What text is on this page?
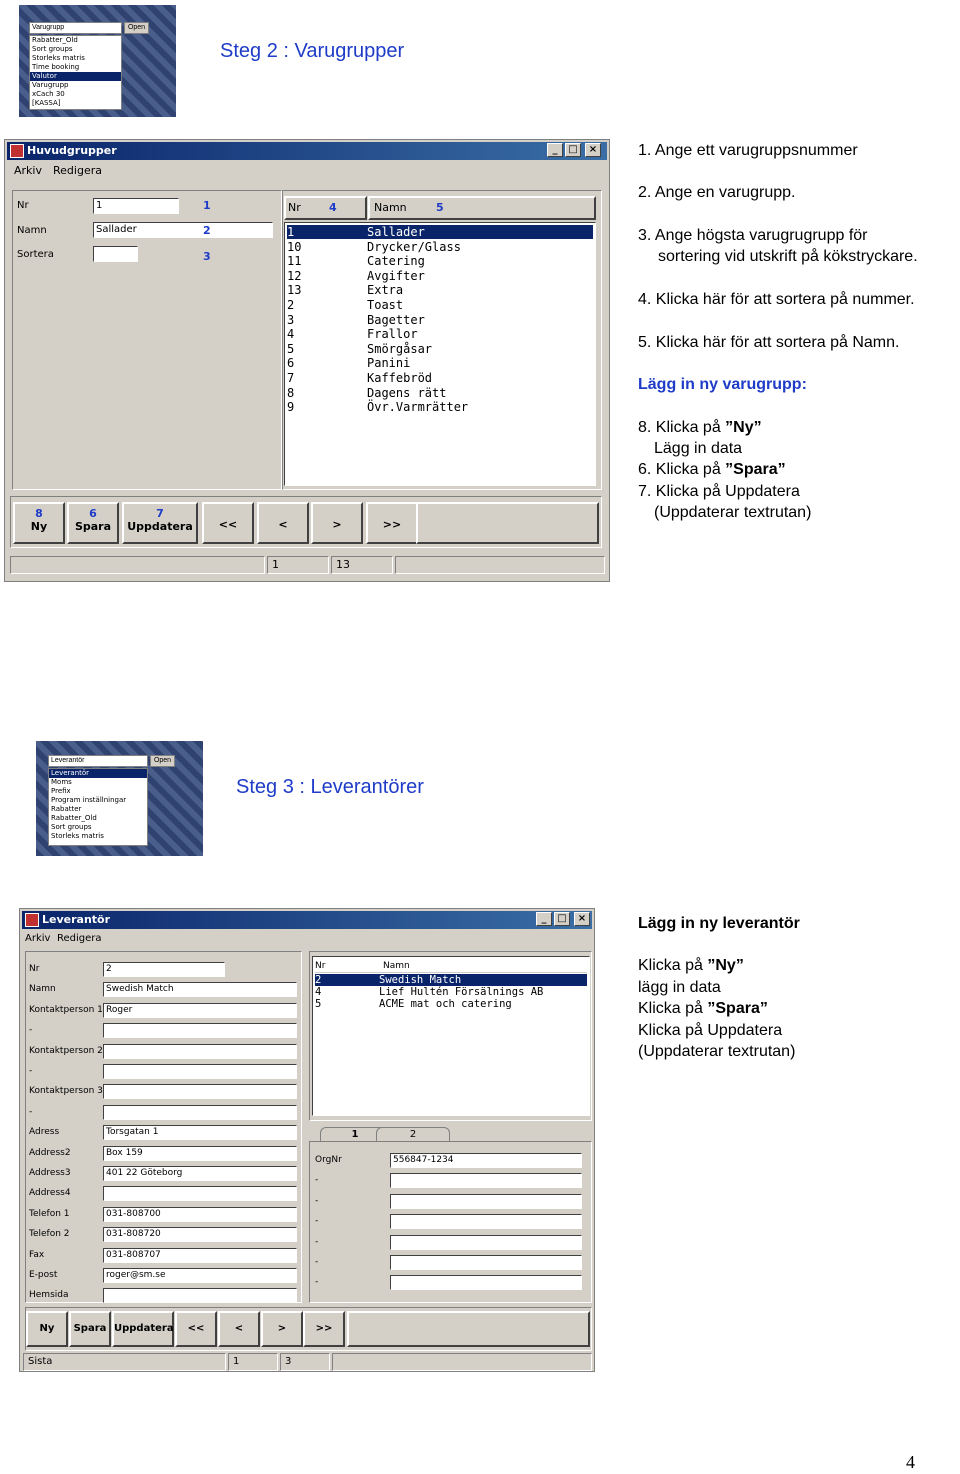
Varugrupp	Open
Rabatter_Old
Sort groups
Storleks matris
Time booking
Valutor
Varugrupp
xCach 30
[KASSA]
Steg 2 : Varugrupper
Huvudgrupper	_	□	×
Arkiv Redigera
Nr	1	1
Namn	Sallader	2
Sortera	3
Nr	4	Namn	5
1	Sallader
10	Drycker/Glass
11	Catering
12	Avgifter
13	Extra
2	Toast
3	Bagetter
4	Frallor
5	Smörgåsar
6	Panini
7	Kaffebröd
8	Dagens rätt
9	Övr.Varmrätter
1	13
8
Ny
6
Spara
7
Uppdatera	<<	<	>	>>
1. Ange ett varugruppsnummer
2. Ange en varugrupp.
3. Ange högsta varugrugrupp för
sortering vid utskrift på kökstryckare.
4. Klicka här för att sortera på nummer.
5. Klicka här för att sortera på Namn.
Lägg in ny varugrupp:
8. Klicka på ”Ny”
Lägg in data
6. Klicka på ”Spara”
7. Klicka på Uppdatera
(Uppdaterar textrutan)
Leverantör	Open
Leverantör
Moms
Prefix
Program inställningar
Rabatter
Rabatter_Old
Sort groups
Storleks matris
Steg 3 : Leverantörer
Leverantör	_	□	×
Arkiv Redigera
Nr	Namn
2	Swedish Match
4	Lief Hultén Försälnings AB
5	ACME mat och catering
1	2
Sista	1	3
Nr	2
Namn	Swedish Match
Kontaktperson 1 Roger
-
Kontaktperson 2
-
Kontaktperson 3
-
Adress	Torsgatan 1
Address2	Box 159
Address3	401 22 Göteborg
Address4
Telefon 1	031-808700
Telefon 2	031-808720
Fax	031-808707
E-post	roger@sm.se
Hemsida
OrgNr	556847-1234
-
-
-
-
-
-
Ny	Spara Uppdatera	<<	<	>	>>
Lägg in ny leverantör
Klicka på ”Ny”
lägg in data
Klicka på ”Spara”
Klicka på Uppdatera
(Uppdaterar textrutan)
4
